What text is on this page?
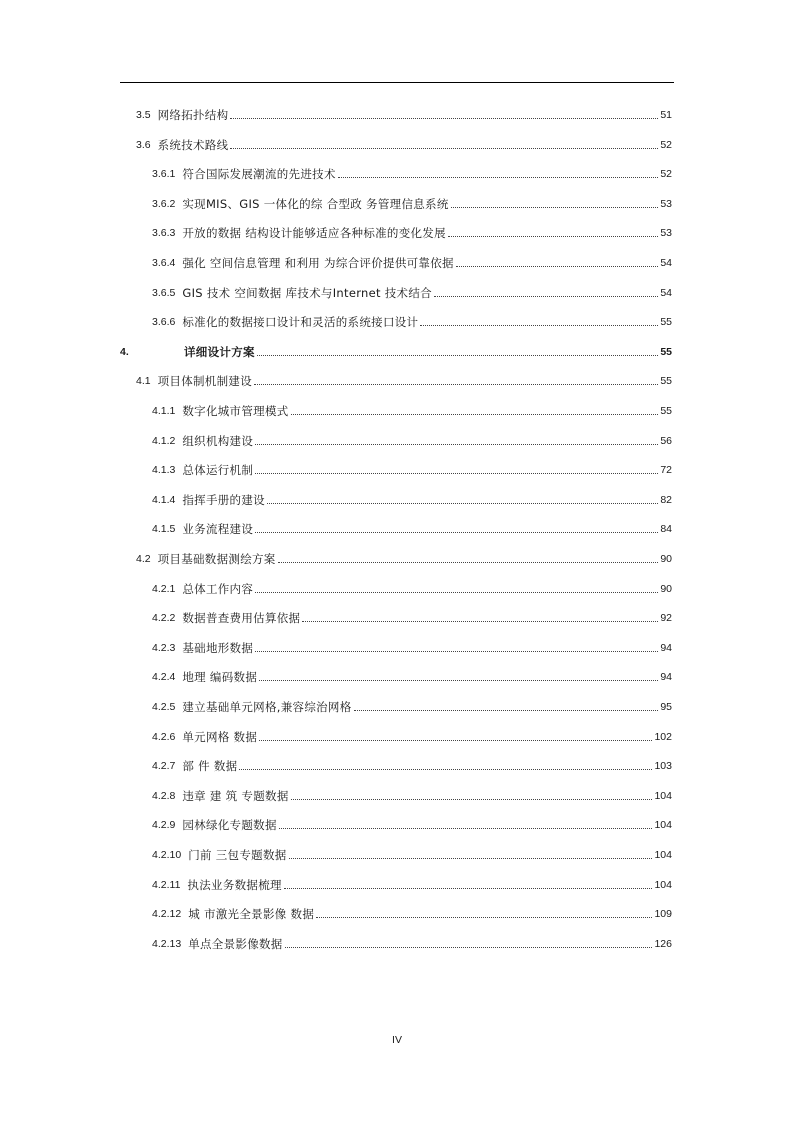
3.5 网络拓扑结构	51
3.6 系统技术路线	52
3.6.1 符合国际发展潮流的先进技术	52
3.6.2 实现MIS、GIS 一体化的综 合型政 务管理信息系统	53
3.6.3 开放的数据 结构设计能够适应各种标准的变化发展	53
3.6.4 强化 空间信息管理 和利用 为综合评价提供可靠依据	54
3.6.5 GIS 技术 空间数据 库技术与Internet 技术结合	54
3.6.6 标准化的数据接口设计和灵活的系统接口设计	55
4.	详细设计方案	55
4.1 项目体制机制建设	55
4.1.1 数字化城市管理模式	55
4.1.2 组织机构建设	56
4.1.3 总体运行机制	72
4.1.4 指挥手册的建设	82
4.1.5 业务流程建设	84
4.2 项目基础数据测绘方案	90
4.2.1 总体工作内容	90
4.2.2 数据普查费用估算依据	92
4.2.3 基础地形数据	94
4.2.4 地理 编码数据	94
4.2.5 建立基础单元网格,兼容综治网格	95
4.2.6 单元网格 数据	102
4.2.7 部 件 数据	103
4.2.8 违章 建 筑 专题数据	104
4.2.9 园林绿化专题数据	104
4.2.10 门前 三包专题数据	104
4.2.11 执法业务数据梳理	104
4.2.12 城 市激光全景影像 数据	109
4.2.13 单点全景影像数据	126
IV
